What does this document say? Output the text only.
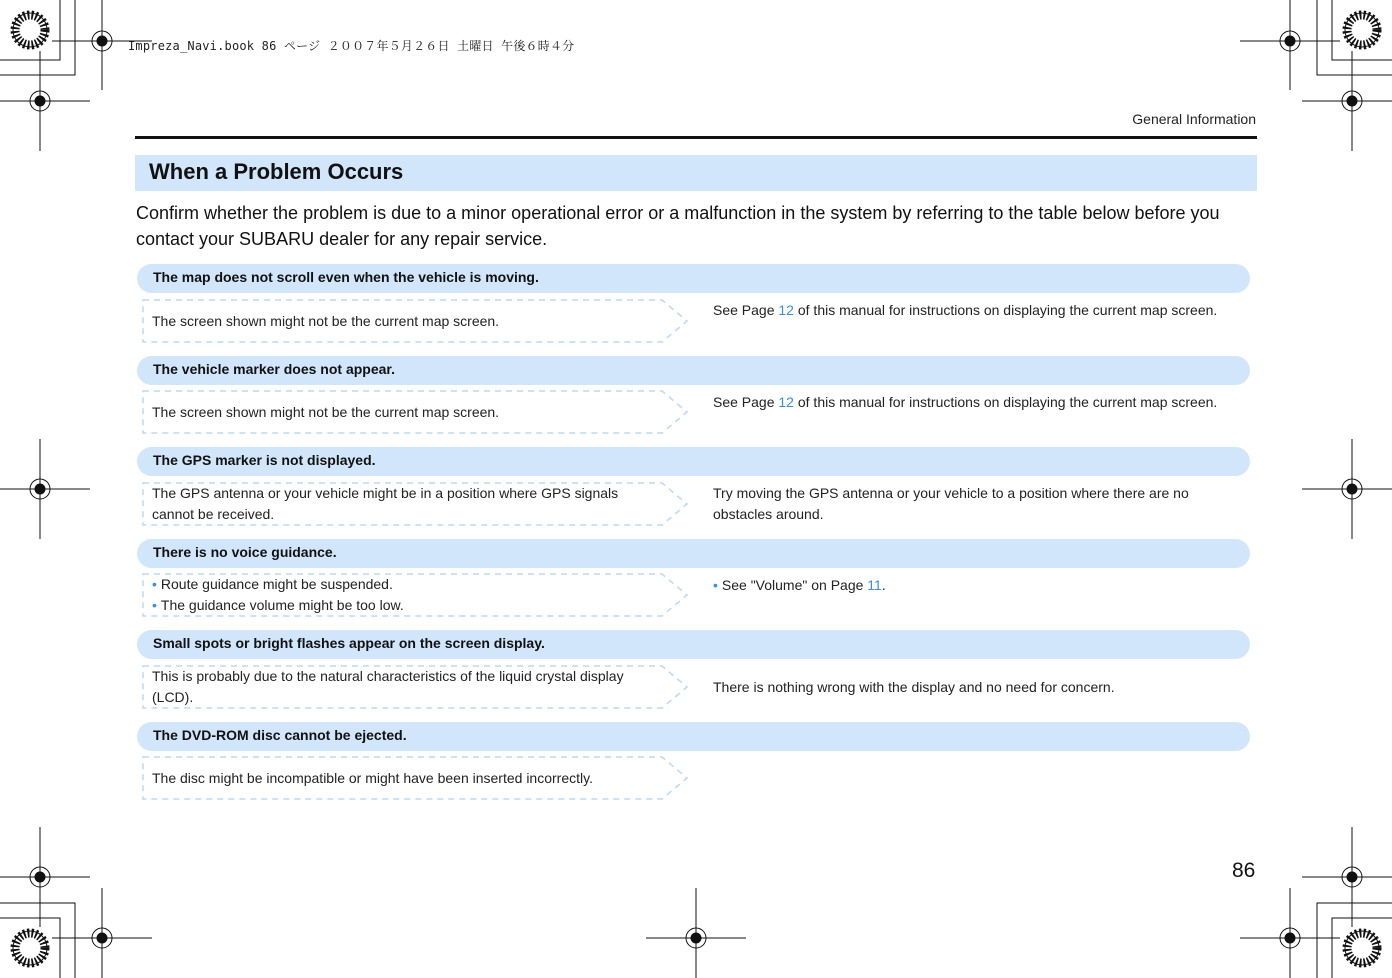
Impreza_Navi.book 86 ページ ２００７年５月２６日 土曜日 午後６時４分
General Information
When a Problem Occurs
Confirm whether the problem is due to a minor operational error or a malfunction in the system by referring to the table below before you contact your SUBARU dealer for any repair service.
The map does not scroll even when the vehicle is moving.
The screen shown might not be the current map screen.
See Page 12 of this manual for instructions on displaying the current map screen.
The vehicle marker does not appear.
The screen shown might not be the current map screen.
See Page 12 of this manual for instructions on displaying the current map screen.
The GPS marker is not displayed.
The GPS antenna or your vehicle might be in a position where GPS signals cannot be received.
Try moving the GPS antenna or your vehicle to a position where there are no obstacles around.
There is no voice guidance.
• Route guidance might be suspended.
• The guidance volume might be too low.
• See "Volume" on Page 11.
Small spots or bright flashes appear on the screen display.
This is probably due to the natural characteristics of the liquid crystal display (LCD).
There is nothing wrong with the display and no need for concern.
The DVD-ROM disc cannot be ejected.
The disc might be incompatible or might have been inserted incorrectly.
86
